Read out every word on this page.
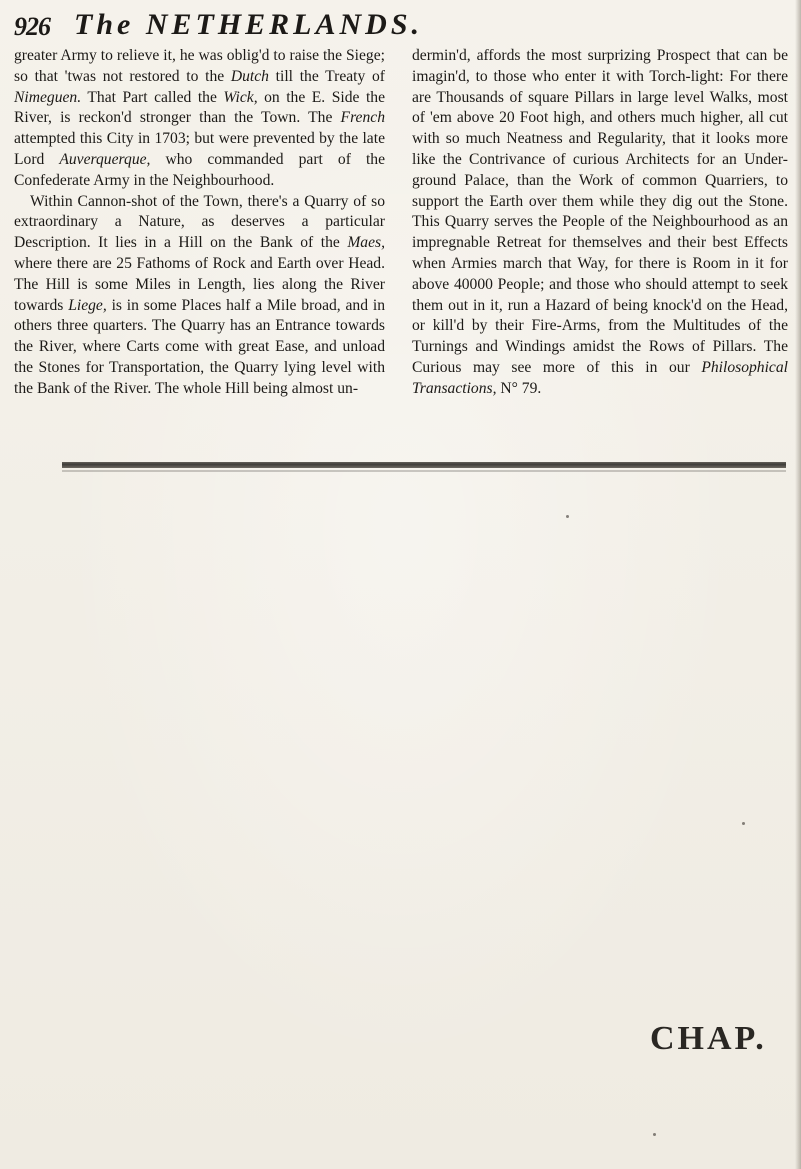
926 The NETHERLANDS.

greater Army to relieve it, he was oblig'd to raise the Siege; so that 'twas not restored to the Dutch till the Treaty of Nimeguen. That Part called the Wick, on the E. Side the River, is reckon'd stronger than the Town. The French attempted this City in 1703; but were prevented by the late Lord Auverquerque, who commanded part of the Confederate Army in the Neighbourhood.

Within Cannon-shot of the Town, there's a Quarry of so extraordinary a Nature, as deserves a particular Description. It lies in a Hill on the Bank of the Maes, where there are 25 Fathoms of Rock and Earth over Head. The Hill is some Miles in Length, lies along the River towards Liege, is in some Places half a Mile broad, and in others three quarters. The Quarry has an Entrance towards the River, where Carts come with great Ease, and unload the Stones for Transportation, the Quarry lying level with the Bank of the River. The whole Hill being almost un-

dermin'd, affords the most surprizing Prospect that can be imagin'd, to those who enter it with Torch-light: For there are Thousands of square Pillars in large level Walks, most of 'em above 20 Foot high, and others much higher, all cut with so much Neatness and Regularity, that it looks more like the Contrivance of curious Architects for an Under-ground Palace, than the Work of common Quarriers, to support the Earth over them while they dig out the Stone. This Quarry serves the People of the Neighbourhood as an impregnable Retreat for themselves and their best Effects when Armies march that Way, for there is Room in it for above 40000 People; and those who should attempt to seek them out in it, run a Hazard of being knock'd on the Head, or kill'd by their Fire-Arms, from the Multitudes of the Turnings and Windings amidst the Rows of Pillars. The Curious may see more of this in our Philosophical Transactions, N° 79.

CHAP.
